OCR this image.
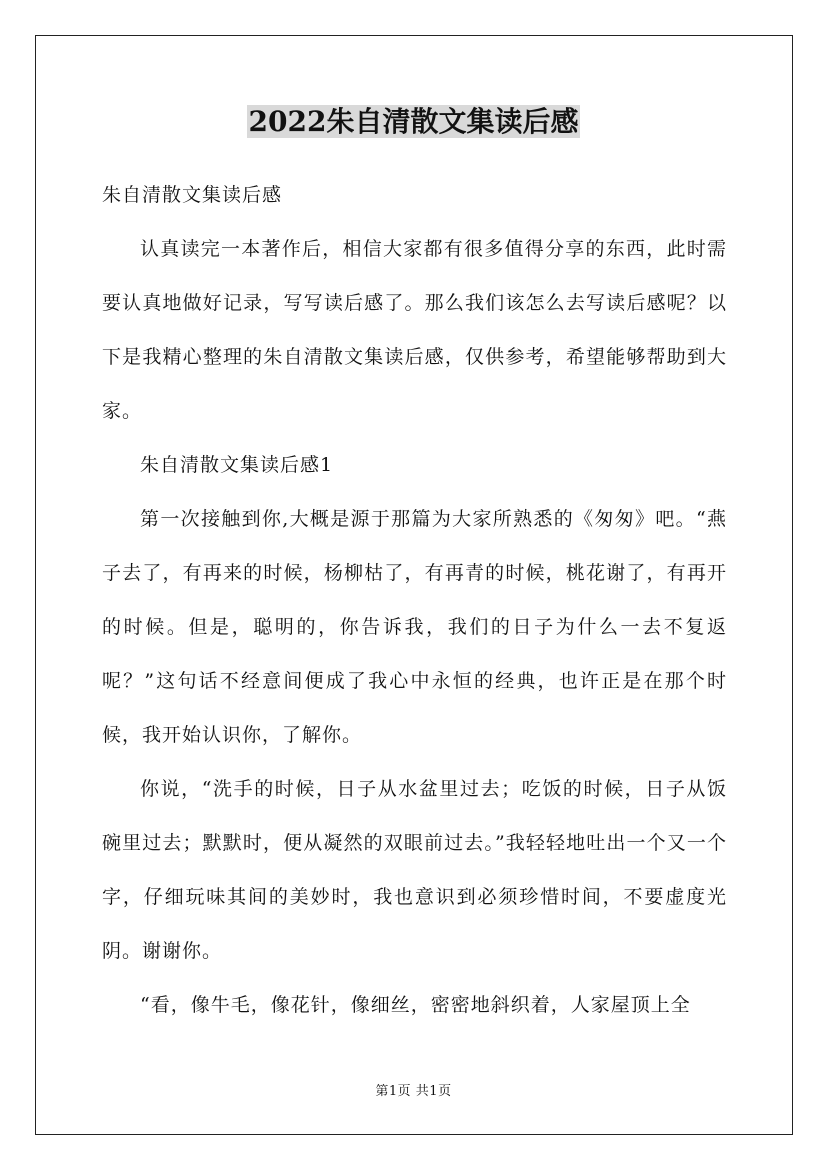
2022朱自清散文集读后感

朱自清散文集读后感

认真读完一本著作后，相信大家都有很多值得分享的东西，此时需要认真地做好记录，写写读后感了。那么我们该怎么去写读后感呢？以下是我精心整理的朱自清散文集读后感，仅供参考，希望能够帮助到大家。

朱自清散文集读后感1

第一次接触到你,大概是源于那篇为大家所熟悉的《匆匆》吧。“燕子去了，有再来的时候，杨柳枯了，有再青的时候，桃花谢了，有再开的时候。但是，聪明的，你告诉我，我们的日子为什么一去不复返呢？”这句话不经意间便成了我心中永恒的经典，也许正是在那个时候，我开始认识你，了解你。

你说，“洗手的时候，日子从水盆里过去；吃饭的时候，日子从饭碗里过去；默默时，便从凝然的双眼前过去。”我轻轻地吐出一个又一个字，仔细玩味其间的美妙时，我也意识到必须珍惜时间，不要虚度光阴。谢谢你。

“看，像牛毛，像花针，像细丝，密密地斜织着，人家屋顶上全

第1页 共1页
